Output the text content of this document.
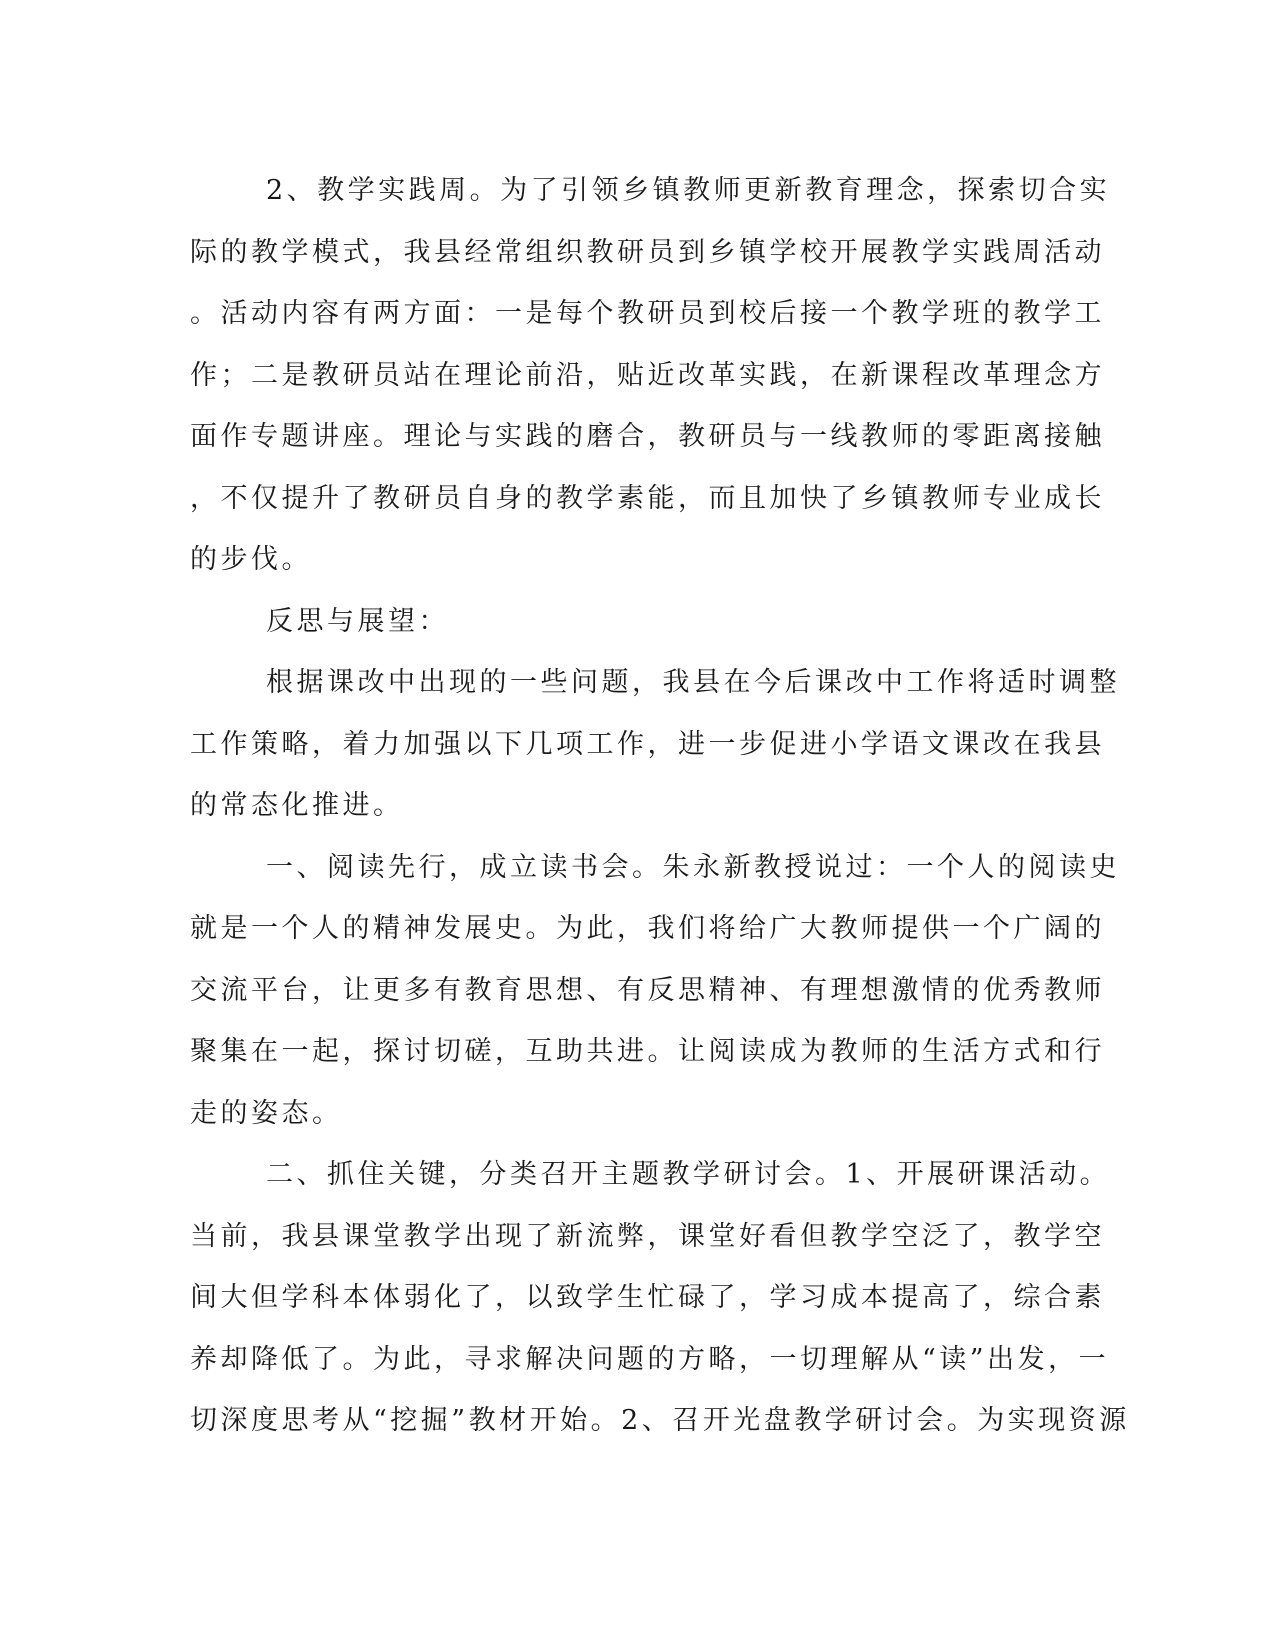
2、教学实践周。为了引领乡镇教师更新教育理念，探索切合实
际的教学模式，我县经常组织教研员到乡镇学校开展教学实践周活动
。活动内容有两方面：一是每个教研员到校后接一个教学班的教学工
作；二是教研员站在理论前沿，贴近改革实践，在新课程改革理念方
面作专题讲座。理论与实践的磨合，教研员与一线教师的零距离接触
，不仅提升了教研员自身的教学素能，而且加快了乡镇教师专业成长
的步伐。
反思与展望：
根据课改中出现的一些问题，我县在今后课改中工作将适时调整
工作策略，着力加强以下几项工作，进一步促进小学语文课改在我县
的常态化推进。
一、阅读先行，成立读书会。朱永新教授说过：一个人的阅读史
就是一个人的精神发展史。为此，我们将给广大教师提供一个广阔的
交流平台，让更多有教育思想、有反思精神、有理想激情的优秀教师
聚集在一起，探讨切磋，互助共进。让阅读成为教师的生活方式和行
走的姿态。
二、抓住关键，分类召开主题教学研讨会。1、开展研课活动。
当前，我县课堂教学出现了新流弊，课堂好看但教学空泛了，教学空
间大但学科本体弱化了，以致学生忙碌了，学习成本提高了，综合素
养却降低了。为此，寻求解决问题的方略，一切理解从“读”出发，一
切深度思考从“挖掘”教材开始。2、召开光盘教学研讨会。为实现资源
